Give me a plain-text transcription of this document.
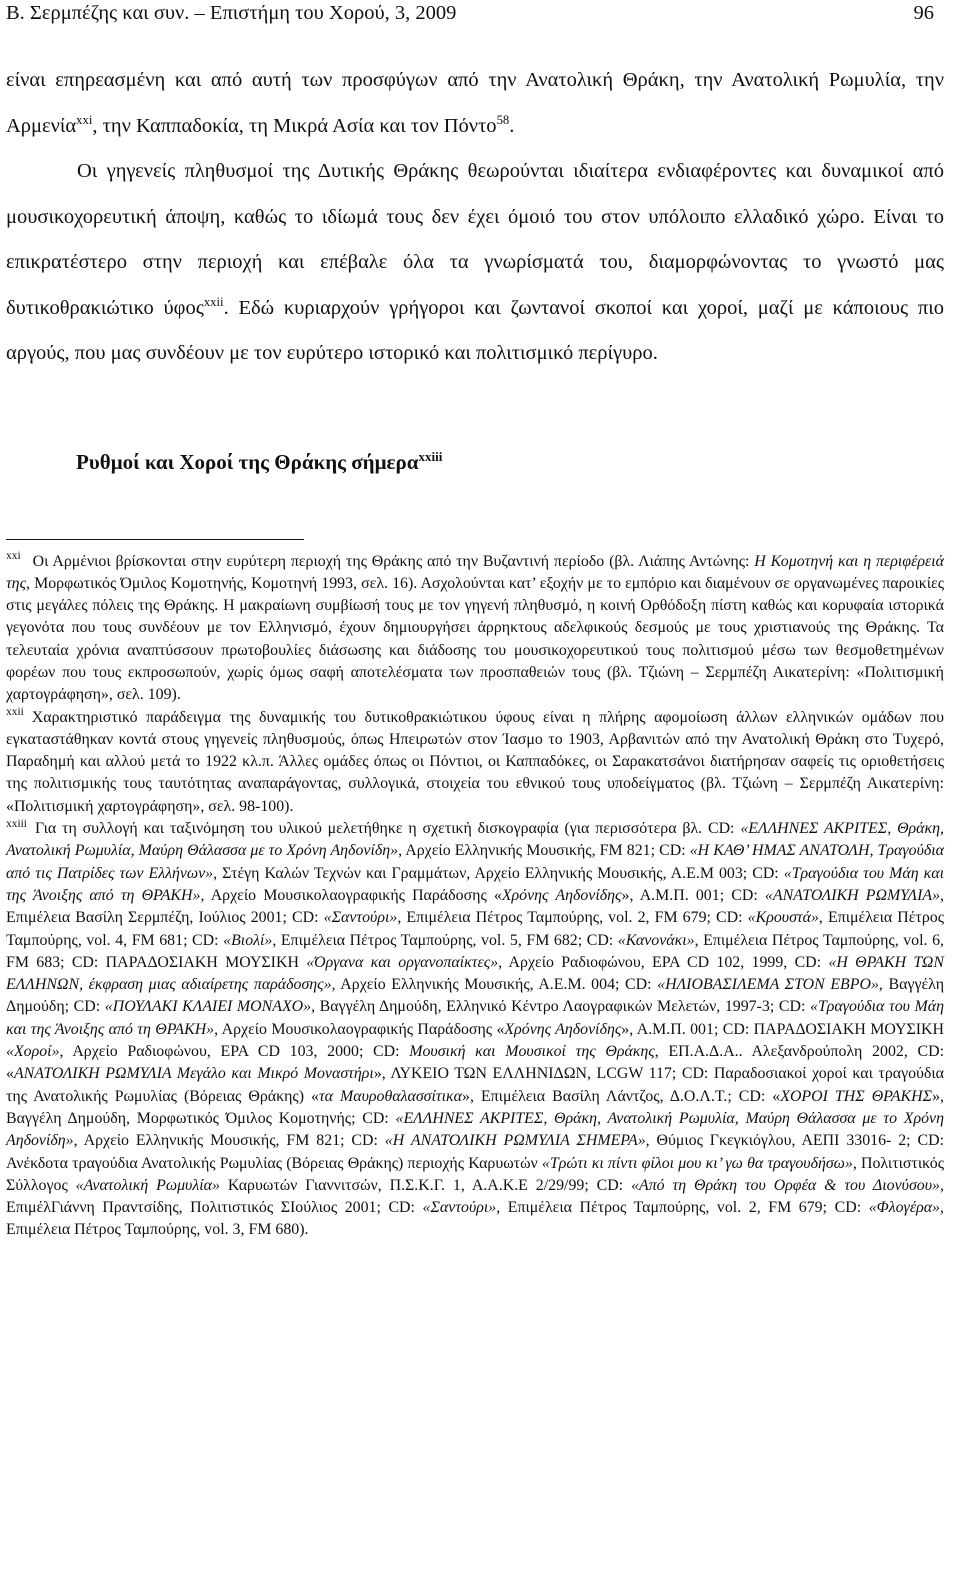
Β. Σερμπέζης και συν. – Επιστήμη του Χορού, 3, 2009	96

είναι επηρεασμένη και από αυτή των προσφύγων από την Ανατολική Θράκη, την Ανατολική Ρωμυλία, την Αρμενία$^{xxi}$, την Καππαδοκία, τη Μικρά Ασία και τον Πόντο$^{58}$.

Οι γηγενείς πληθυσμοί της Δυτικής Θράκης θεωρούνται ιδιαίτερα ενδιαφέροντες και δυναμικοί από μουσικοχορευτική άποψη, καθώς το ιδίωμά τους δεν έχει όμοιό του στον υπόλοιπο ελλαδικό χώρο. Είναι το επικρατέστερο στην περιοχή και επέβαλε όλα τα γνωρίσματά του, διαμορφώνοντας το γνωστό μας δυτικοθρακιώτικο ύφος$^{xxii}$. Εδώ κυριαρχούν γρήγοροι και ζωντανοί σκοποί και χοροί, μαζί με κάποιους πιο αργούς, που μας συνδέουν με τον ευρύτερο ιστορικό και πολιτισμικό περίγυρο.

Ρυθμοί και Χοροί της Θράκης σήμερα$^{xxiii}$

$^{xxi}$ Οι Αρμένιοι βρίσκονται στην ευρύτερη περιοχή της Θράκης από την Βυζαντινή περίοδο (βλ. Λιάπης Αντώνης: Η Κομοτηνή και η περιφέρειά της, Μορφωτικός Όμιλος Κομοτηνής, Κομοτηνή 1993, σελ. 16). Ασχολούνται κατ’ εξοχήν με το εμπόριο και διαμένουν σε οργανωμένες παροικίες στις μεγάλες πόλεις της Θράκης. Η μακραίωνη συμβίωσή τους με τον γηγενή πληθυσμό, η κοινή Ορθόδοξη πίστη καθώς και κορυφαία ιστορικά γεγονότα που τους συνδέουν με τον Ελληνισμό, έχουν δημιουργήσει άρρηκτους αδελφικούς δεσμούς με τους χριστιανούς της Θράκης. Τα τελευταία χρόνια αναπτύσσουν πρωτοβουλίες διάσωσης και διάδοσης του μουσικοχορευτικού τους πολιτισμού μέσω των θεσμοθετημένων φορέων που τους εκπροσωπούν, χωρίς όμως σαφή αποτελέσματα των προσπαθειών τους (βλ. Τζιώνη – Σερμπέζη Αικατερίνη: «Πολιτισμική χαρτογράφηση», σελ. 109).

$^{xxii}$ Χαρακτηριστικό παράδειγμα της δυναμικής του δυτικοθρακιώτικου ύφους είναι η πλήρης αφομοίωση άλλων ελληνικών ομάδων που εγκαταστάθηκαν κοντά στους γηγενείς πληθυσμούς, όπως Ηπειρωτών στον Ίασμο το 1903, Αρβανιτών από την Ανατολική Θράκη στο Τυχερό, Παραδημή και αλλού μετά το 1922 κλ.π. Άλλες ομάδες όπως οι Πόντιοι, οι Καππαδόκες, οι Σαρακατσάνοι διατήρησαν σαφείς τις οριοθετήσεις της πολιτισμικής τους ταυτότητας αναπαράγοντας, συλλογικά, στοιχεία του εθνικού τους υποδείγματος (βλ. Τζιώνη – Σερμπέζη Αικατερίνη: «Πολιτισμική χαρτογράφηση», σελ. 98-100).

$^{xxiii}$ Για τη συλλογή και ταξινόμηση του υλικού μελετήθηκε η σχετική δισκογραφία (για περισσότερα βλ. CD: «ΕΛΛΗΝΕΣ ΑΚΡΙΤΕΣ, Θράκη, Ανατολική Ρωμυλία, Μαύρη Θάλασσα με το Χρόνη Αηδονίδη», Αρχείο Ελληνικής Μουσικής, FM 821; CD: «Η ΚΑΘ’ ΗΜΑΣ ΑΝΑΤΟΛΗ, Τραγούδια από τις Πατρίδες των Ελλήνων», Στέγη Καλών Τεχνών και Γραμμάτων, Αρχείο Ελληνικής Μουσικής, Α.Ε.Μ 003; CD: «Τραγούδια του Μάη και της Άνοιξης από τη ΘΡΑΚΗ», Αρχείο Μουσικολαογραφικής Παράδοσης «Χρόνης Αηδονίδης», Α.Μ.Π. 001; CD: «ΑΝΑΤΟΛΙΚΗ ΡΩΜΥΛΙΑ», Επιμέλεια Βασίλη Σερμπέζη, Ιούλιος 2001; CD: «Σαντούρι», Επιμέλεια Πέτρος Ταμπούρης, vol. 2, FM 679; CD: «Κρουστά», Επιμέλεια Πέτρος Ταμπούρης, vol. 4, FM 681; CD: «Βιολί», Επιμέλεια Πέτρος Ταμπούρης, vol. 5, FM 682; CD: «Κανονάκι», Επιμέλεια Πέτρος Ταμπούρης, vol. 6, FM 683; CD: ΠΑΡΑΔΟΣΙΑΚΗ ΜΟΥΣΙΚΗ «Όργανα και οργανοπαίκτες», Αρχείο Ραδιοφώνου, ΕΡΑ CD 102, 1999, CD: «Η ΘΡΑΚΗ ΤΩΝ ΕΛΛΗΝΩΝ, έκφραση μιας αδιαίρετης παράδοσης», Αρχείο Ελληνικής Μουσικής, Α.Ε.Μ. 004; CD: «ΗΛΙΟΒΑΣΙΛΕΜΑ ΣΤΟΝ ΕΒΡΟ», Βαγγέλη Δημούδη; CD: «ΠΟΥΛΑΚΙ ΚΛΑΙΕΙ ΜΟΝΑΧΟ», Βαγγέλη Δημούδη, Ελληνικό Κέντρο Λαογραφικών Μελετών, 1997-3; CD: «Τραγούδια του Μάη και της Άνοιξης από τη ΘΡΑΚΗ», Αρχείο Μουσικολαογραφικής Παράδοσης «Χρόνης Αηδονίδης», Α.Μ.Π. 001; CD: ΠΑΡΑΔΟΣΙΑΚΗ ΜΟΥΣΙΚΗ «Χοροί», Αρχείο Ραδιοφώνου, ΕΡΑ CD 103, 2000; CD: Μουσική και Μουσικοί της Θράκης, ΕΠ.Α.Δ.Α.. Αλεξανδρούπολη 2002, CD: «ΑΝΑΤΟΛΙΚΗ ΡΩΜΥΛΙΑ Μεγάλο και Μικρό Μοναστήρι», ΛΥΚΕΙΟ ΤΩΝ ΕΛΛΗΝΙΔΩΝ, LCGW 117; CD: Παραδοσιακοί χοροί και τραγούδια της Ανατολικής Ρωμυλίας (Βόρειας Θράκης) «τα Μαυροθαλασσίτικα», Επιμέλεια Βασίλη Λάντζος, Δ.Ο.Λ.Τ.; CD: «ΧΟΡΟΙ ΤΗΣ ΘΡΑΚΗΣ», Βαγγέλη Δημούδη, Μορφωτικός Όμιλος Κομοτηνής; CD: «ΕΛΛΗΝΕΣ ΑΚΡΙΤΕΣ, Θράκη, Ανατολική Ρωμυλία, Μαύρη Θάλασσα με το Χρόνη Αηδονίδη», Αρχείο Ελληνικής Μουσικής, FM 821; CD: «Η ΑΝΑΤΟΛΙΚΗ ΡΩΜΥΛΙΑ ΣΗΜΕΡΑ», Θύμιος Γκεγκιόγλου, ΑΕΠΙ 33016- 2; CD: Ανέκδοτα τραγούδια Ανατολικής Ρωμυλίας (Βόρειας Θράκης) περιοχής Καρυωτών «Τρώτι κι πίντι φίλοι μου κι’ γω θα τραγουδήσω», Πολιτιστικός Σύλλογος «Ανατολική Ρωμυλία» Καρυωτών Γιαννιτσών, Π.Σ.Κ.Γ. 1, Α.Α.Κ.Ε 2/29/99; CD: «Από τη Θράκη του Ορφέα & του Διονύσου», ΕπιμέλΓιάννη Πραντσίδης, Πολιτιστικός ΣΙούλιος 2001; CD: «Σαντούρι», Επιμέλεια Πέτρος Ταμπούρης, vol. 2, FM 679; CD: «Φλογέρα», Επιμέλεια Πέτρος Ταμπούρης, vol. 3, FM 680).
